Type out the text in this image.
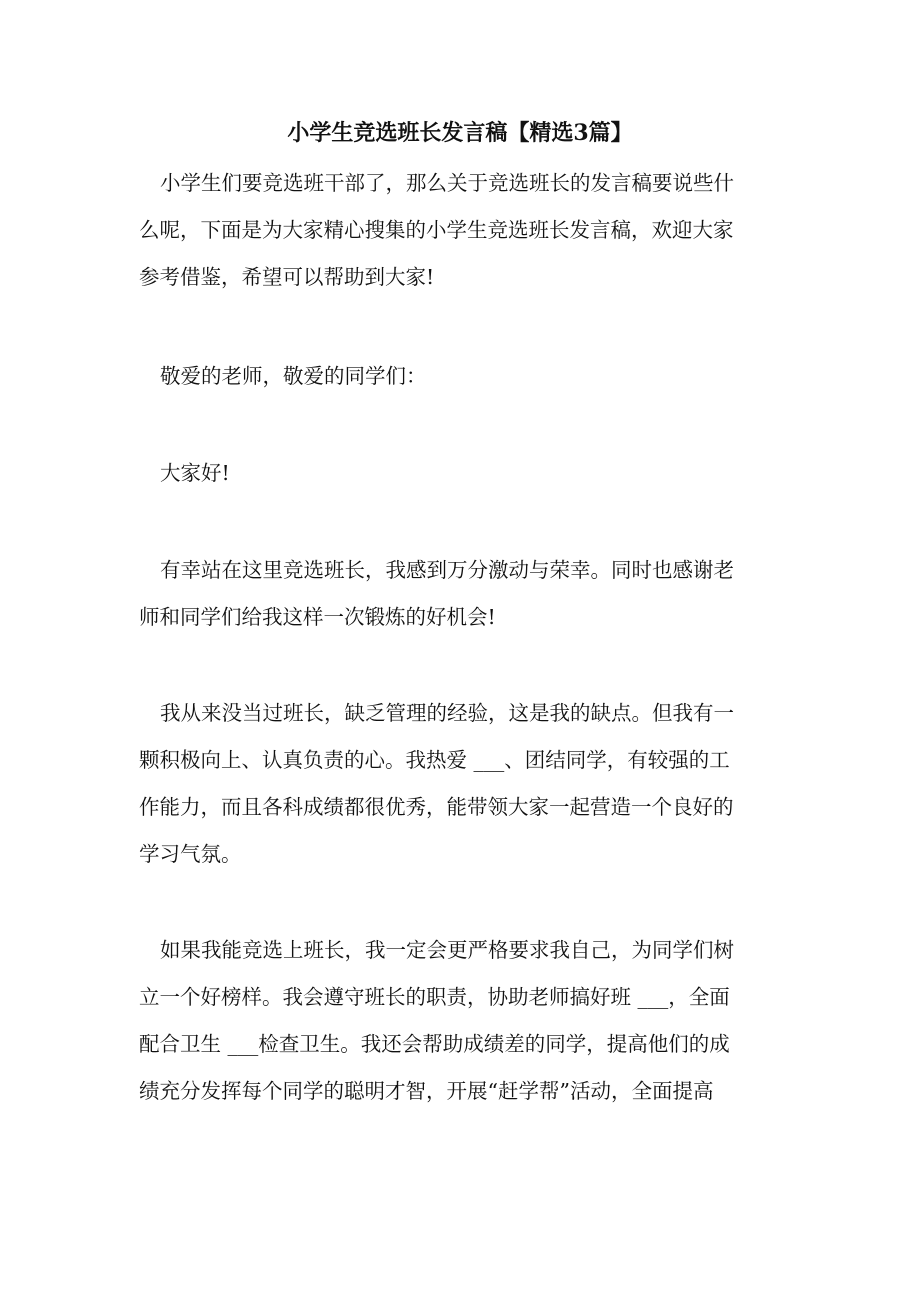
小学生竞选班长发言稿【精选3篇】
小学生们要竞选班干部了，那么关于竞选班长的发言稿要说些什
么呢，下面是为大家精心搜集的小学生竞选班长发言稿，欢迎大家
参考借鉴，希望可以帮助到大家!
敬爱的老师，敬爱的同学们：
大家好!
有幸站在这里竞选班长，我感到万分激动与荣幸。同时也感谢老
师和同学们给我这样一次锻炼的好机会!
我从来没当过班长，缺乏管理的经验，这是我的缺点。但我有一
颗积极向上、认真负责的心。我热爱 ___、团结同学，有较强的工
作能力，而且各科成绩都很优秀，能带领大家一起营造一个良好的
学习气氛。
如果我能竞选上班长，我一定会更严格要求我自己，为同学们树
立一个好榜样。我会遵守班长的职责，协助老师搞好班 ___，全面
配合卫生 ___检查卫生。我还会帮助成绩差的同学，提高他们的成
绩充分发挥每个同学的聪明才智，开展“赶学帮”活动，全面提高
